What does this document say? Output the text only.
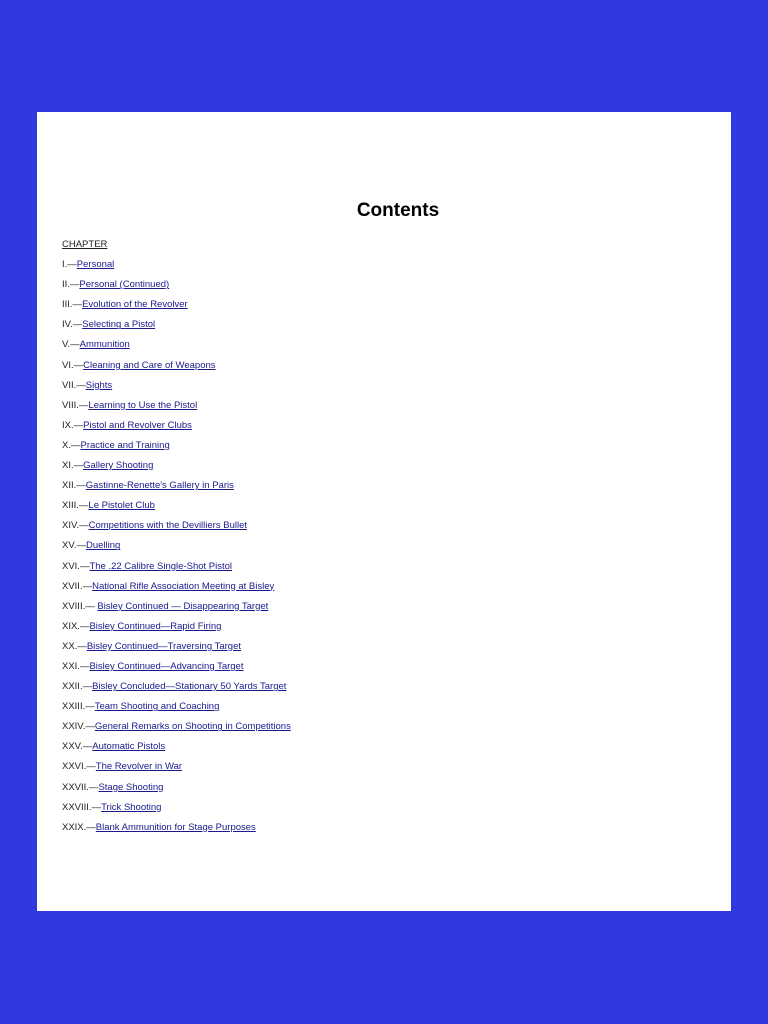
Contents
CHAPTER
I.—Personal
II.—Personal (Continued)
III.—Evolution of the Revolver
IV.—Selecting a Pistol
V.—Ammunition
VI.—Cleaning and Care of Weapons
VII.—Sights
VIII.—Learning to Use the Pistol
IX.—Pistol and Revolver Clubs
X.—Practice and Training
XI.—Gallery Shooting
XII.—Gastinne-Renette's Gallery in Paris
XIII.—Le Pistolet Club
XIV.—Competitions with the Devilliers Bullet
XV.—Duelling
XVI.—The .22 Calibre Single-Shot Pistol
XVII.—National Rifle Association Meeting at Bisley
XVIII.— Bisley Continued — Disappearing Target
XIX.—Bisley Continued—Rapid Firing
XX.—Bisley Continued—Traversing Target
XXI.—Bisley Continued—Advancing Target
XXII.—Bisley Concluded—Stationary 50 Yards Target
XXIII.—Team Shooting and Coaching
XXIV.—General Remarks on Shooting in Competitions
XXV.—Automatic Pistols
XXVI.—The Revolver in War
XXVII.—Stage Shooting
XXVIII.—Trick Shooting
XXIX.—Blank Ammunition for Stage Purposes
